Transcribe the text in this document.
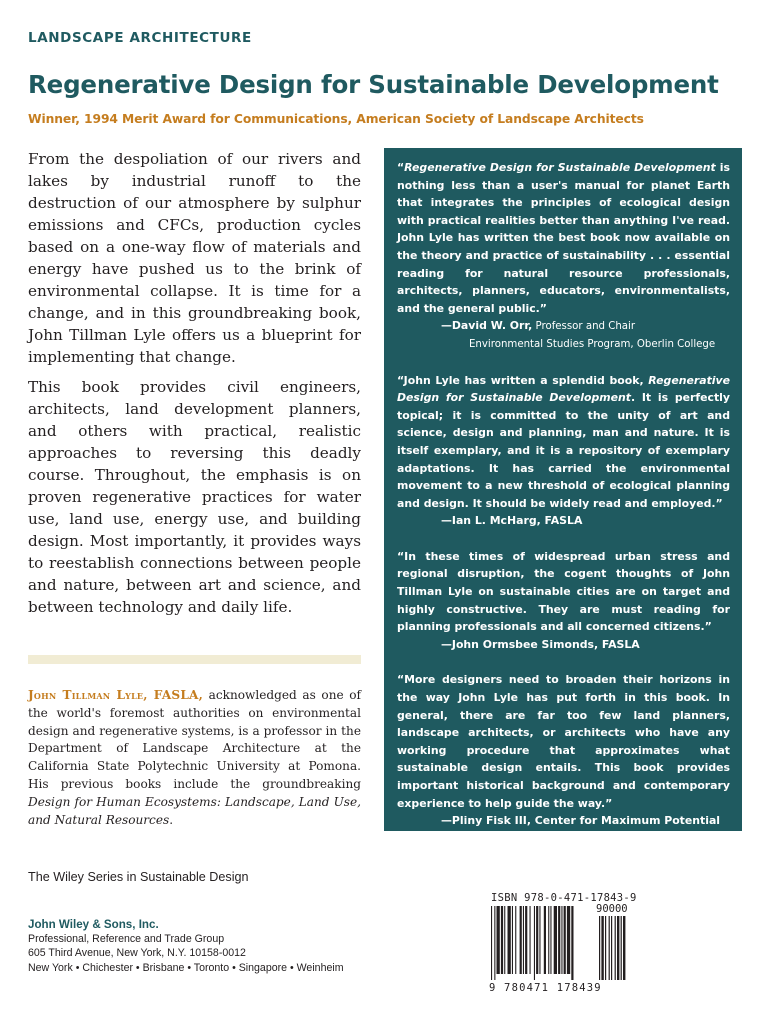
LANDSCAPE ARCHITECTURE
Regenerative Design for Sustainable Development
Winner, 1994 Merit Award for Communications, American Society of Landscape Architects

From the despoliation of our rivers and lakes by industrial runoff to the destruction of our atmosphere by sulphur emissions and CFCs, production cycles based on a one-way flow of materials and energy have pushed us to the brink of environmental collapse. It is time for a change, and in this groundbreaking book, John Tillman Lyle offers us a blueprint for implementing that change.

This book provides civil engineers, architects, land development planners, and others with practical, realistic approaches to reversing this deadly course. Throughout, the emphasis is on proven regenerative practices for water use, land use, energy use, and building design. Most importantly, it provides ways to reestablish connections between people and nature, between art and science, and between technology and daily life.

John Tillman Lyle, FASLA, acknowledged as one of the world's foremost authorities on environmental design and regenerative systems, is a professor in the Department of Landscape Architecture at the California State Polytechnic University at Pomona. His previous books include the groundbreaking Design for Human Ecosystems: Landscape, Land Use, and Natural Resources.
“Regenerative Design for Sustainable Development is nothing less than a user's manual for planet Earth that integrates the principles of ecological design with practical realities better than anything I've read. John Lyle has written the best book now available on the theory and practice of sustainability . . . essential reading for natural resource professionals, architects, planners, educators, environmentalists, and the general public.”
—David W. Orr, Professor and Chair
Environmental Studies Program, Oberlin College
“John Lyle has written a splendid book, Regenerative Design for Sustainable Development. It is perfectly topical; it is committed to the unity of art and science, design and planning, man and nature. It is itself exemplary, and it is a repository of exemplary adaptations. It has carried the environmental movement to a new threshold of ecological planning and design. It should be widely read and employed.”
—Ian L. McHarg, FASLA
“In these times of widespread urban stress and regional disruption, the cogent thoughts of John Tillman Lyle on sustainable cities are on target and highly constructive. They are must reading for planning professionals and all concerned citizens.”
—John Ormsbee Simonds, FASLA
“More designers need to broaden their horizons in the way John Lyle has put forth in this book. In general, there are far too few land planners, landscape architects, or architects who have any working procedure that approximates what sustainable design entails. This book provides important historical background and contemporary experience to help guide the way.”
—Pliny Fisk III, Center for Maximum Potential
Building Systems
The Wiley Series in Sustainable Design
John Wiley & Sons, Inc.
Professional, Reference and Trade Group
605 Third Avenue, New York, N.Y. 10158-0012
New York • Chichester • Brisbane • Toronto • Singapore • Weinheim
ISBN 978-0-471-17843-9
90000
9 780471 178439
